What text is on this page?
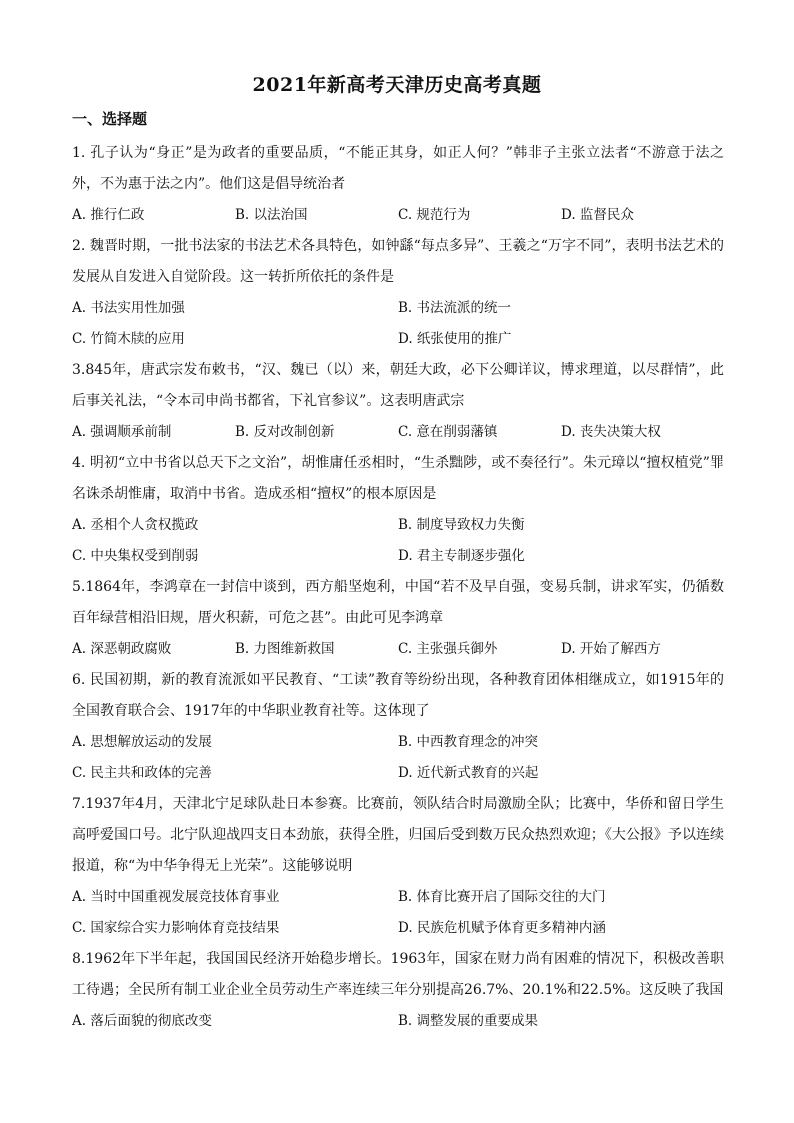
2021年新高考天津历史高考真题
一、选择题

1. 孔子认为“身正”是为政者的重要品质，“不能正其身，如正人何？”韩非子主张立法者“不游意于法之外，不为惠于法之内”。他们这是倡导统治者

A. 推行仁政	B. 以法治国	C. 规范行为	D. 监督民众

2. 魏晋时期，一批书法家的书法艺术各具特色，如钟繇“每点多异”、王羲之“万字不同”，表明书法艺术的发展从自发进入自觉阶段。这一转折所依托的条件是

A. 书法实用性加强	B. 书法流派的统一
C. 竹简木牍的应用	D. 纸张使用的推广

3.845年，唐武宗发布敕书，“汉、魏已（以）来，朝廷大政，必下公卿详议，博求理道，以尽群情”，此后事关礼法，“令本司申尚书都省，下礼官参议”。这表明唐武宗

A. 强调顺承前制	B. 反对改制创新	C. 意在削弱藩镇	D. 丧失决策大权

4. 明初“立中书省以总天下之文治”，胡惟庸任丞相时，“生杀黜陟，或不奏径行”。朱元璋以“擅权植党”罪名诛杀胡惟庸，取消中书省。造成丞相“擅权”的根本原因是

A. 丞相个人贪权揽政	B. 制度导致权力失衡
C. 中央集权受到削弱	D. 君主专制逐步强化

5.1864年，李鸿章在一封信中谈到，西方船坚炮利，中国“若不及早自强，变易兵制，讲求军实，仍循数百年绿营相沿旧规，厝火积薪，可危之甚”。由此可见李鸿章

A. 深恶朝政腐败	B. 力图维新救国	C. 主张强兵御外	D. 开始了解西方

6. 民国初期，新的教育流派如平民教育、“工读”教育等纷纷出现，各种教育团体相继成立，如1915年的全国教育联合会、1917年的中华职业教育社等。这体现了

A. 思想解放运动的发展	B. 中西教育理念的冲突
C. 民主共和政体的完善	D. 近代新式教育的兴起

7.1937年4月，天津北宁足球队赴日本参赛。比赛前，领队结合时局激励全队；比赛中，华侨和留日学生高呼爱国口号。北宁队迎战四支日本劲旅，获得全胜，归国后受到数万民众热烈欢迎；《大公报》予以连续报道，称“为中华争得无上光荣”。这能够说明

A. 当时中国重视发展竞技体育事业	B. 体育比赛开启了国际交往的大门
C. 国家综合实力影响体育竞技结果	D. 民族危机赋予体育更多精神内涵

8.1962年下半年起，我国国民经济开始稳步增长。1963年，国家在财力尚有困难的情况下，积极改善职工待遇；全民所有制工业企业全员劳动生产率连续三年分别提高26.7%、20.1%和22.5%。这反映了我国

A. 落后面貌的彻底改变	B. 调整发展的重要成果
